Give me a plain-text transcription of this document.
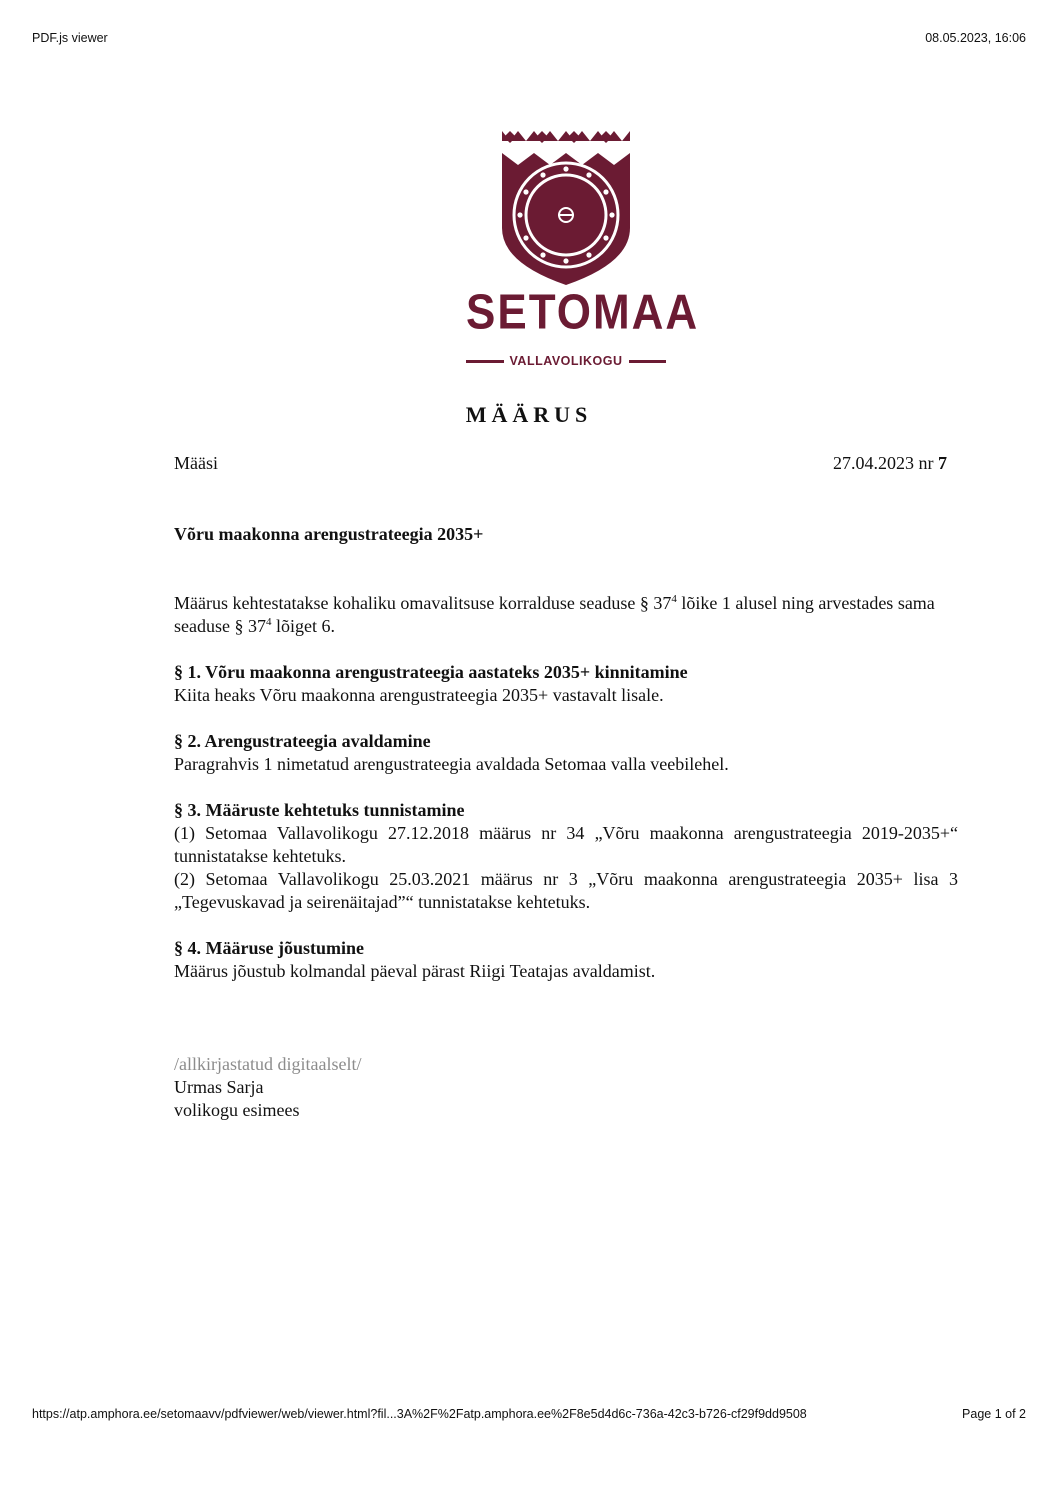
PDF.js viewer	08.05.2023, 16:06
SETOMAA
VALLAVOLIKOGU
MÄÄRUS
Määsi	27.04.2023 nr 7
Võru maakonna arengustrateegia 2035+
Määrus kehtestatakse kohaliku omavalitsuse korralduse seaduse § $37^4$ lõike 1 alusel ning arvestades sama seaduse § $37^4$ lõiget 6.
§ 1. Võru maakonna arengustrateegia aastateks 2035+ kinnitamine

Kiita heaks Võru maakonna arengustrateegia 2035+ vastavalt lisale.

§ 2. Arengustrateegia avaldamine

Paragrahvis 1 nimetatud arengustrateegia avaldada Setomaa valla veebilehel.

§ 3. Määruste kehtetuks tunnistamine

(1) Setomaa Vallavolikogu 27.12.2018 määrus nr 34 „Võru maakonna arengustrateegia 2019-2035+“ tunnistatakse kehtetuks.

(2) Setomaa Vallavolikogu 25.03.2021 määrus nr 3 „Võru maakonna arengustrateegia 2035+ lisa 3 „Tegevuskavad ja seirenäitajad”“ tunnistatakse kehtetuks.

§ 4. Määruse jõustumine

Määrus jõustub kolmandal päeval pärast Riigi Teatajas avaldamist.

/allkirjastatud digitaalselt/
Urmas Sarja
volikogu esimees
https://atp.amphora.ee/setomaavv/pdfviewer/web/viewer.html?fil...3A%2F%2Fatp.amphora.ee%2F8e5d4d6c-736a-42c3-b726-cf29f9dd9508	Page 1 of 2
